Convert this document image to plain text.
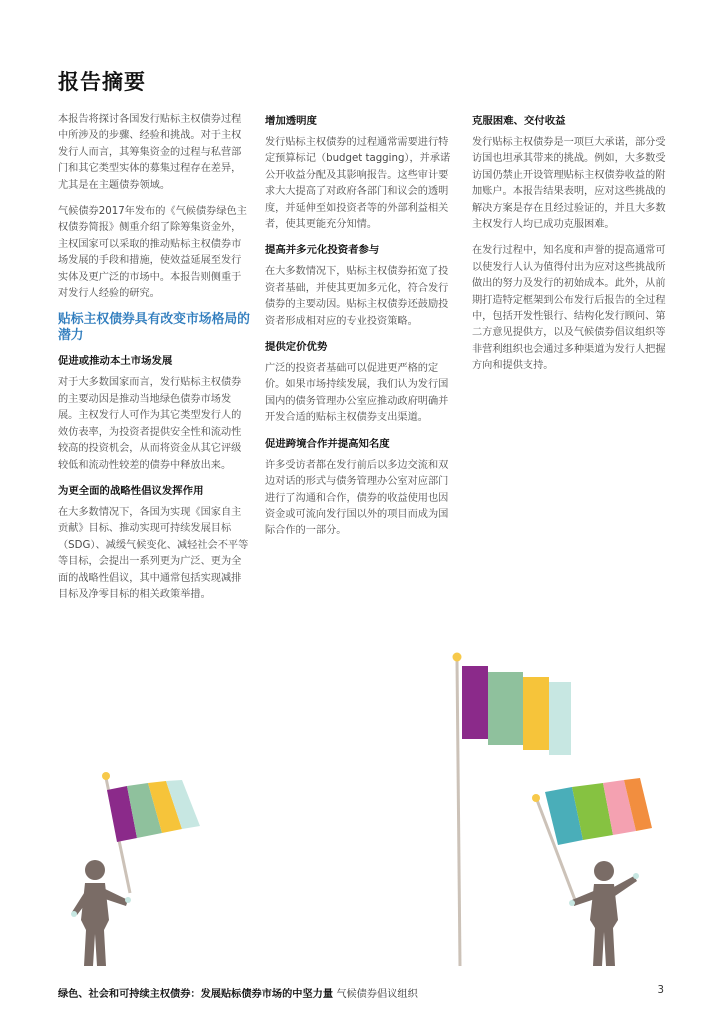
报告摘要

本报告将探讨各国发行贴标主权债券过程中所涉及的步骤、经验和挑战。对于主权发行人而言，其筹集资金的过程与私营部门和其它类型实体的募集过程存在差异，尤其是在主题债券领域。

气候债券2017年发布的《气候债券绿色主权债券简报》侧重介绍了除筹集资金外，主权国家可以采取的推动贴标主权债券市场发展的手段和措施，使效益延展至发行实体及更广泛的市场中。本报告则侧重于对发行人经验的研究。

贴标主权债券具有改变市场格局的潜力
促进或推动本土市场发展

对于大多数国家而言，发行贴标主权债券的主要动因是推动当地绿色债券市场发展。主权发行人可作为其它类型发行人的效仿表率，为投资者提供安全性和流动性较高的投资机会，从而将资金从其它评级较低和流动性较差的债券中释放出来。

为更全面的战略性倡议发挥作用

在大多数情况下，各国为实现《国家自主贡献》目标、推动实现可持续发展目标（SDG）、减缓气候变化、减轻社会不平等等目标，会提出一系列更为广泛、更为全面的战略性倡议，其中通常包括实现减排目标及净零目标的相关政策举措。

增加透明度

发行贴标主权债券的过程通常需要进行特定预算标记（budget tagging），并承诺公开收益分配及其影响报告。这些审计要求大大提高了对政府各部门和议会的透明度，并延伸至如投资者等的外部利益相关者，使其更能充分知情。

提高并多元化投资者参与

在大多数情况下，贴标主权债券拓宽了投资者基础，并使其更加多元化，符合发行债券的主要动因。贴标主权债券还鼓励投资者形成相对应的专业投资策略。

提供定价优势

广泛的投资者基础可以促进更严格的定价。如果市场持续发展，我们认为发行国国内的债务管理办公室应推动政府明确并开发合适的贴标主权债券支出渠道。

促进跨境合作并提高知名度

许多受访者都在发行前后以多边交流和双边对话的形式与债务管理办公室对应部门进行了沟通和合作，债券的收益使用也因资金或可流向发行国以外的项目而成为国际合作的一部分。

克服困难、交付收益

发行贴标主权债券是一项巨大承诺，部分受访国也坦承其带来的挑战。例如，大多数受访国仍禁止开设管理贴标主权债券收益的附加账户。本报告结果表明，应对这些挑战的解决方案是存在且经过验证的，并且大多数主权发行人均已成功克服困难。

在发行过程中，知名度和声誉的提高通常可以使发行人认为值得付出为应对这些挑战所做出的努力及发行的初始成本。此外，从前期打造特定框架到公布发行后报告的全过程中，包括开发性银行、结构化发行顾问、第二方意见提供方，以及气候债券倡议组织等非营利组织也会通过多种渠道为发行人把握方向和提供支持。

绿色、社会和可持续主权债券：发展贴标债券市场的中坚力量 气候债券倡议组织	3
